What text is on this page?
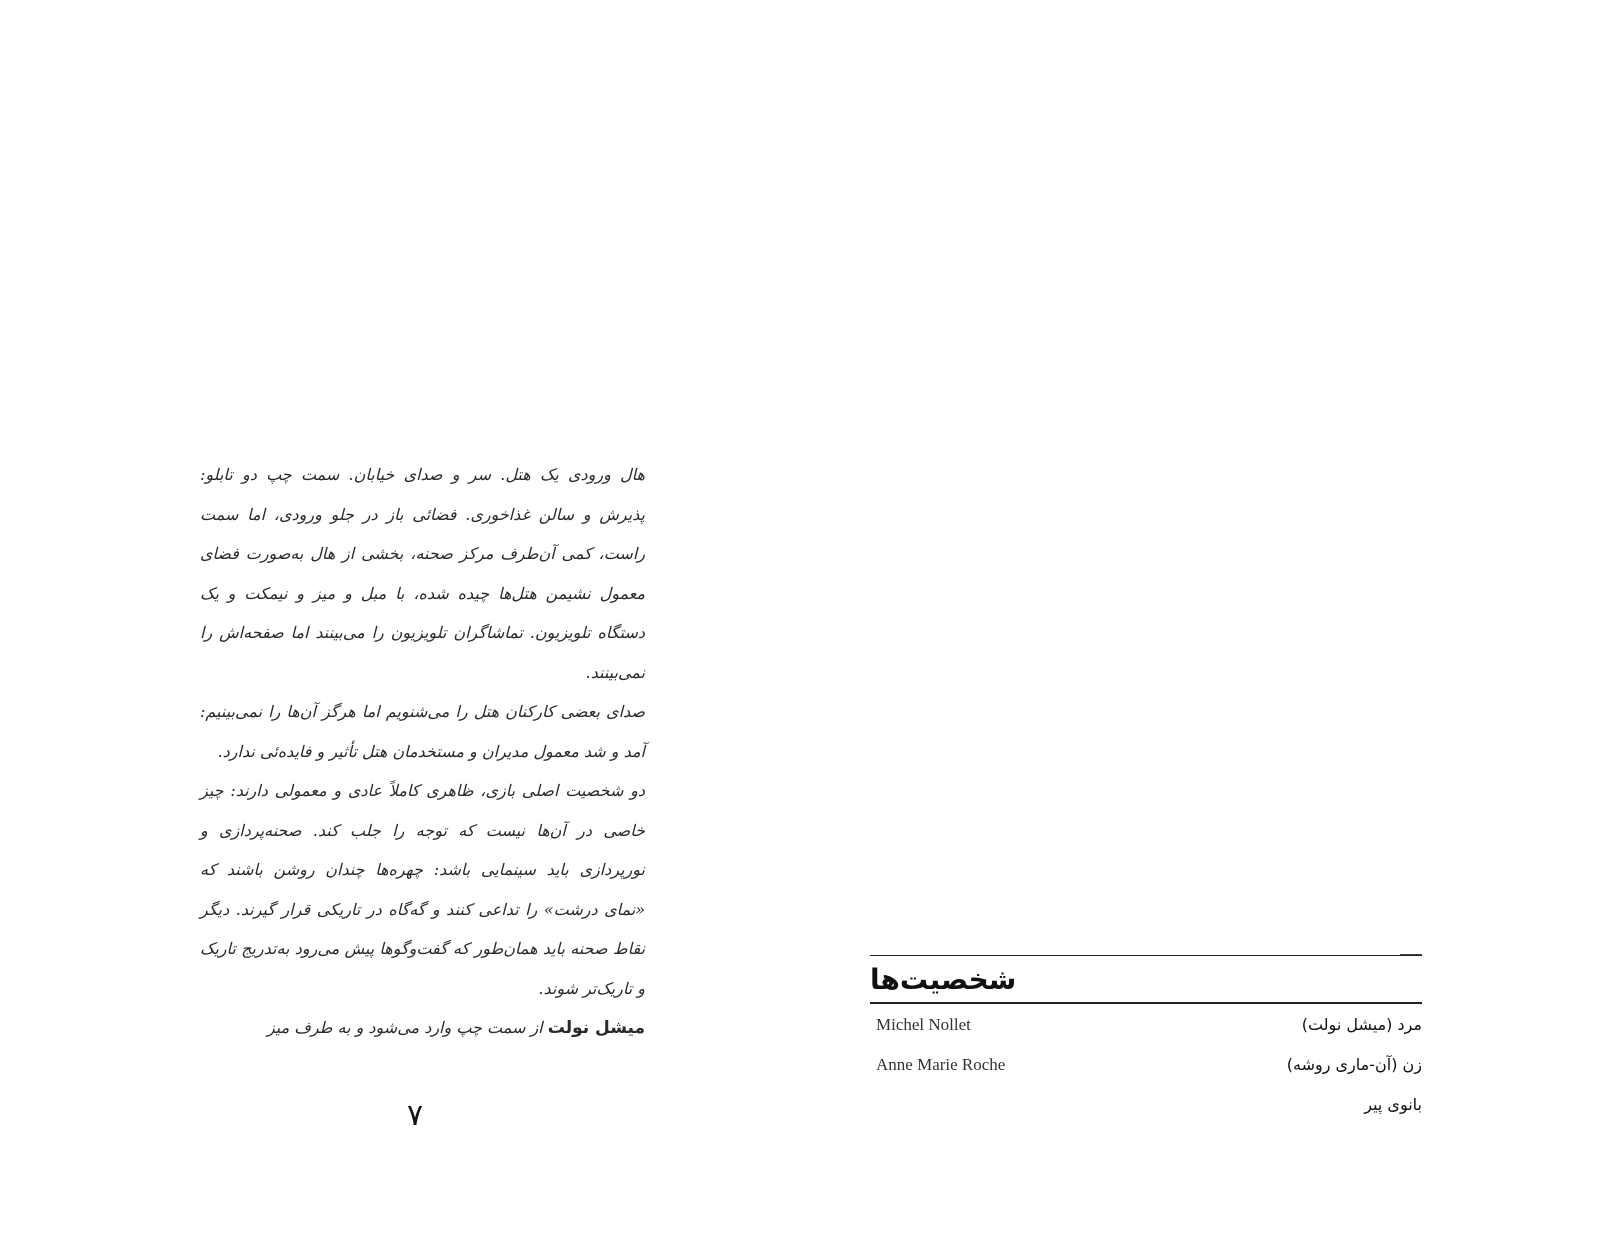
هال ورودی یک هتل. سر و صدای خیابان. سمت چپ دو تابلو: پذیرش و سالن غذاخوری. فضائی باز در جلو ورودی، اما سمت راست، کمی آن‌طرف مرکز صحنه، بخشی از هال به‌صورت فضای معمول نشیمن هتل‌ها چیده شده، با مبل و میز و نیمکت و یک دستگاه تلویزیون. تماشاگران تلویزیون را می‌بینند اما صفحه‌اش را نمی‌بینند.

صدای بعضی کارکنان هتل را می‌شنویم اما هرگز آن‌ها را نمی‌بینیم: آمد و شد معمول مدیران و مستخدمان هتل تأثیر و فایده‌ئی ندارد.

دو شخصیت اصلی بازی، ظاهری کاملاً عادی و معمولی دارند: چیز خاصی در آن‌ها نیست که توجه را جلب کند. صحنه‌پردازی و نورپردازی باید سینمایی باشد: چهره‌ها چندان روشن باشند که «نمای درشت» را تداعی کنند و گه‌گاه در تاریکی قرار گیرند. دیگر نقاط صحنه باید همان‌طور که گفت‌وگوها پیش می‌رود به‌تدریج تاریک و تاریک‌تر شوند.

میشل نولت از سمت چپ وارد می‌شود و به طرف میز

۷
شخصیت‌ها
Michel Nollet	مرد (میشل نولت)
Anne Marie Roche	زن (آن-ماری روشه)
بانوی پیر
